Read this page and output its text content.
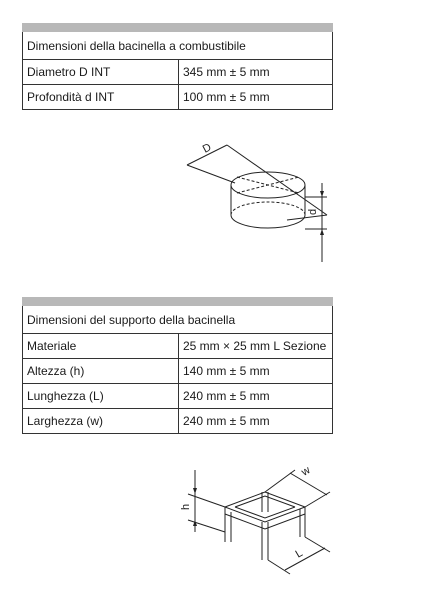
Dimensioni della bacinella a combustibile	
Diametro D INT	345 mm ± 5 mm
Profondità d INT	100 mm ± 5 mm
D
d
Dimensioni del supporto della bacinella	
Materiale	25 mm × 25 mm L Sezione
Altezza (h)	140 mm ± 5 mm
Lunghezza (L)	240 mm ± 5 mm
Larghezza (w)	240 mm ± 5 mm
w
h
L
